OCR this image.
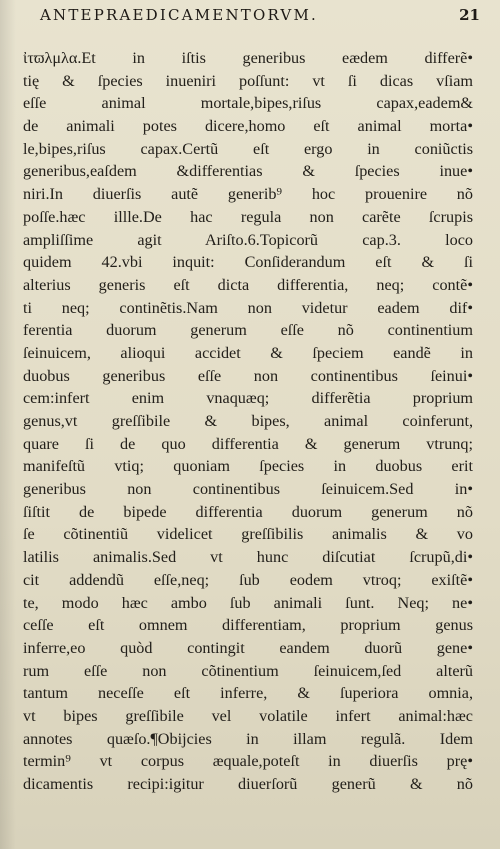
ANTEPRAEDICAMENTORVM.	21
ἰτϖλμλα.Et in iſtis generibus eædem differẽ•
tię & ſpecies inueniri poſſunt: vt ſi dicas vſiam
eſſe animal mortale,bipes,riſus capax,eadem&
de animali potes dicere,homo eſt animal morta•
le,bipes,riſus capax.Certũ eſt ergo in coniũctis
generibus,eaſdem &differentias & ſpecies inue•
niri.In diuerſis autẽ generib⁹ hoc prouenire nõ
poſſe.hæc illle.De hac regula non carẽte ſcrupis
ampliſſime agit Ariſto.6.Topicorũ cap.3. loco
quidem 42.vbi inquit: Conſiderandum eſt & ſi
alterius generis eſt dicta differentia, neq; contẽ•
ti neq; continẽtis.Nam non videtur eadem dif•
ferentia duorum generum eſſe nõ continentium
ſeinuicem, alioqui accidet & ſpeciem eandẽ in
duobus generibus eſſe non continentibus ſeinui•
cem:infert enim vnaquæq; differẽtia proprium
genus,vt greſſibile & bipes, animal coinferunt,
quare ſi de quo differentia & generum vtrunq;
manifeſtũ vtiq; quoniam ſpecies in duobus erit
generibus non continentibus ſeinuicem.Sed in•
ſiſtit de bipede differentia duorum generum nõ
ſe cõtinentiũ videlicet greſſibilis animalis & vo
latilis animalis.Sed vt hunc diſcutiat ſcrupũ,di•
cit addendũ eſſe,neq; ſub eodem vtroq; exiſtẽ•
te, modo hæc ambo ſub animali ſunt. Neq; ne•
ceſſe eſt omnem differentiam, proprium genus
inferre,eo quòd contingit eandem duorũ gene•
rum eſſe non cõtinentium ſeinuicem,ſed alterũ
tantum neceſſe eſt inferre, & ſuperiora omnia,
vt bipes greſſibile vel volatile infert animal:hæc
annotes quæſo.¶Obijcies in illam regulã. Idem
termin⁹ vt corpus æquale,poteſt in diuerſis prę•
dicamentis recipi:igitur diuerſorũ generũ & nõ
